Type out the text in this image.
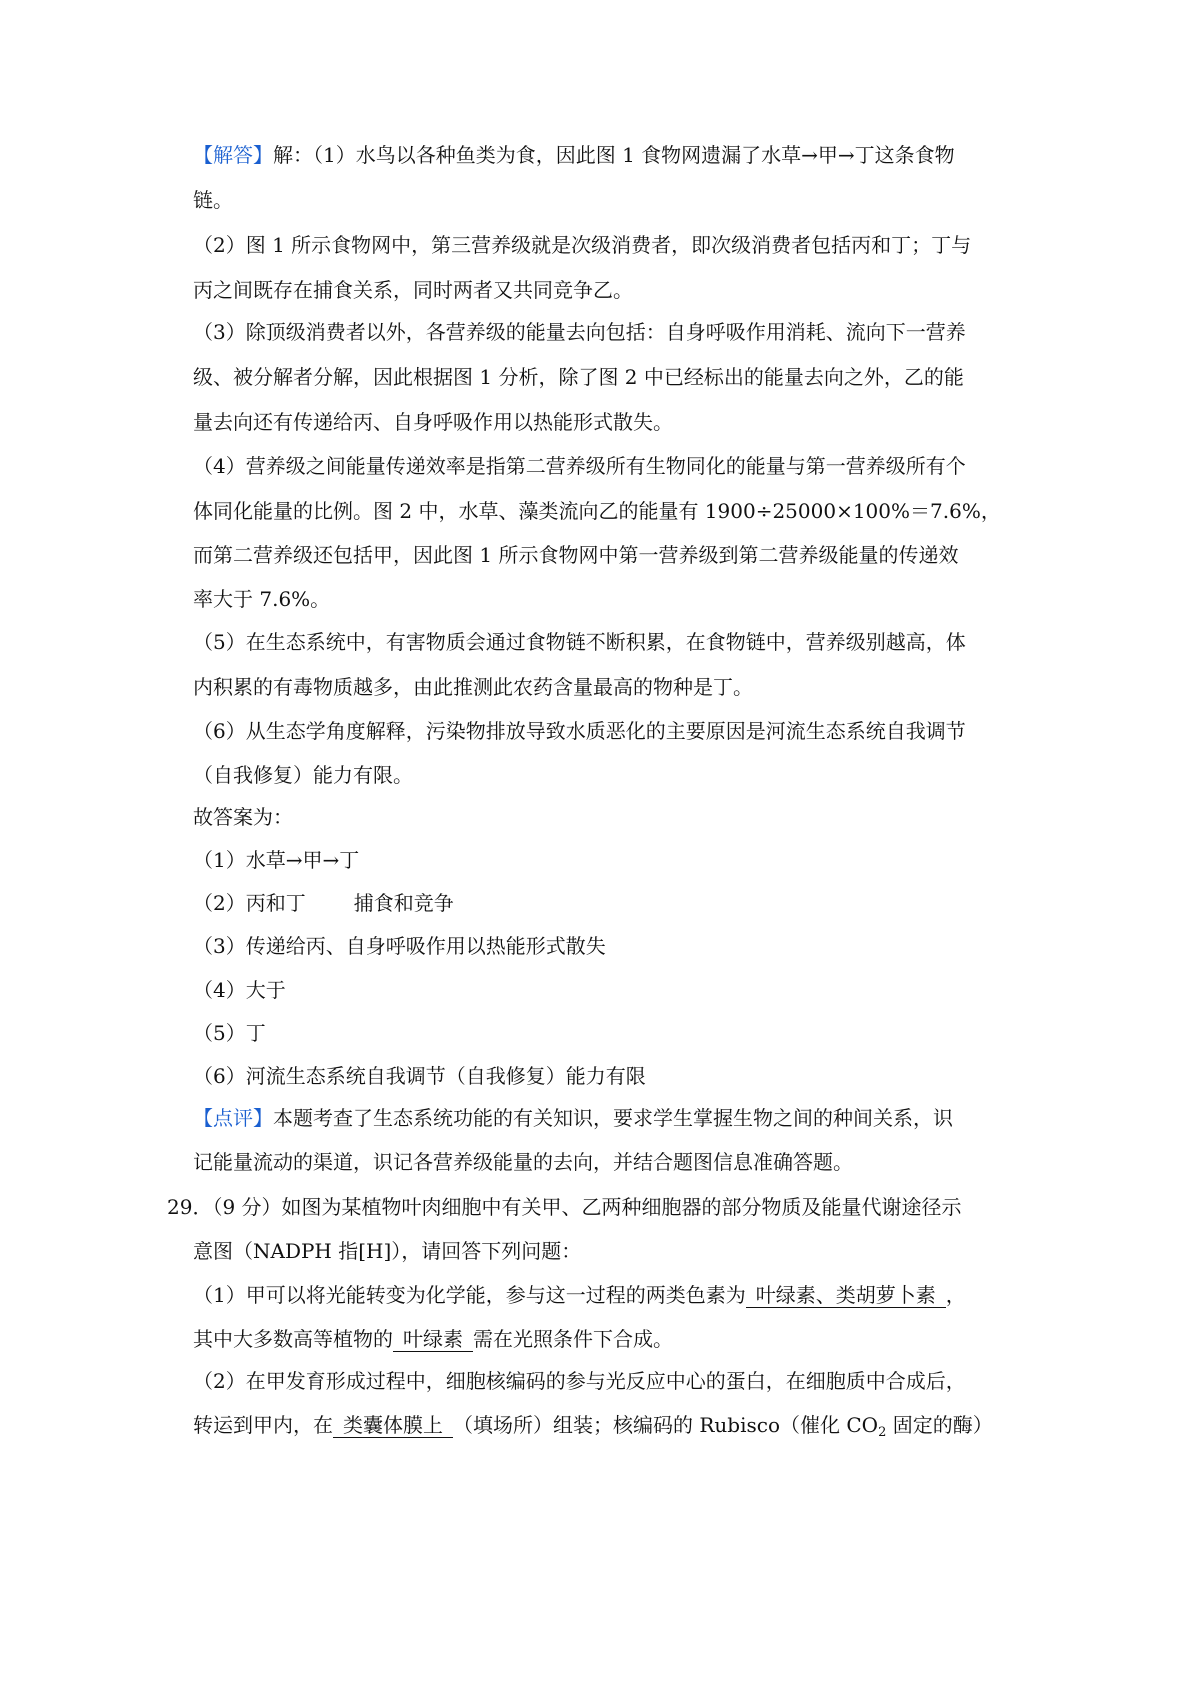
【解答】解：（1）水鸟以各种鱼类为食，因此图 1 食物网遗漏了水草→甲→丁这条食物
链。
（2）图 1 所示食物网中，第三营养级就是次级消费者，即次级消费者包括丙和丁；丁与
丙之间既存在捕食关系，同时两者又共同竞争乙。
（3）除顶级消费者以外，各营养级的能量去向包括：自身呼吸作用消耗、流向下一营养
级、被分解者分解，因此根据图 1 分析，除了图 2 中已经标出的能量去向之外，乙的能
量去向还有传递给丙、自身呼吸作用以热能形式散失。
（4）营养级之间能量传递效率是指第二营养级所有生物同化的能量与第一营养级所有个
体同化能量的比例。图 2 中，水草、藻类流向乙的能量有 1900÷25000×100%＝7.6%，
而第二营养级还包括甲，因此图 1 所示食物网中第一营养级到第二营养级能量的传递效
率大于 7.6%。
（5）在生态系统中，有害物质会通过食物链不断积累，在食物链中，营养级别越高，体
内积累的有毒物质越多，由此推测此农药含量最高的物种是丁。
（6）从生态学角度解释，污染物排放导致水质恶化的主要原因是河流生态系统自我调节
（自我修复）能力有限。
故答案为：
（1）水草→甲→丁
（2）丙和丁 捕食和竞争
（3）传递给丙、自身呼吸作用以热能形式散失
（4）大于
（5）丁
（6）河流生态系统自我调节（自我修复）能力有限
【点评】本题考查了生态系统功能的有关知识，要求学生掌握生物之间的种间关系，识
记能量流动的渠道，识记各营养级能量的去向，并结合题图信息准确答题。
29．（9 分）如图为某植物叶肉细胞中有关甲、乙两种细胞器的部分物质及能量代谢途径示
意图（NADPH 指[H]），请回答下列问题：
（1）甲可以将光能转变为化学能，参与这一过程的两类色素为 叶绿素、类胡萝卜素 ，
其中大多数高等植物的 叶绿素 需在光照条件下合成。
（2）在甲发育形成过程中，细胞核编码的参与光反应中心的蛋白，在细胞质中合成后，
转运到甲内，在 类囊体膜上 （填场所）组装；核编码的 Rubisco（催化 $CO_2$ 固定的酶）
